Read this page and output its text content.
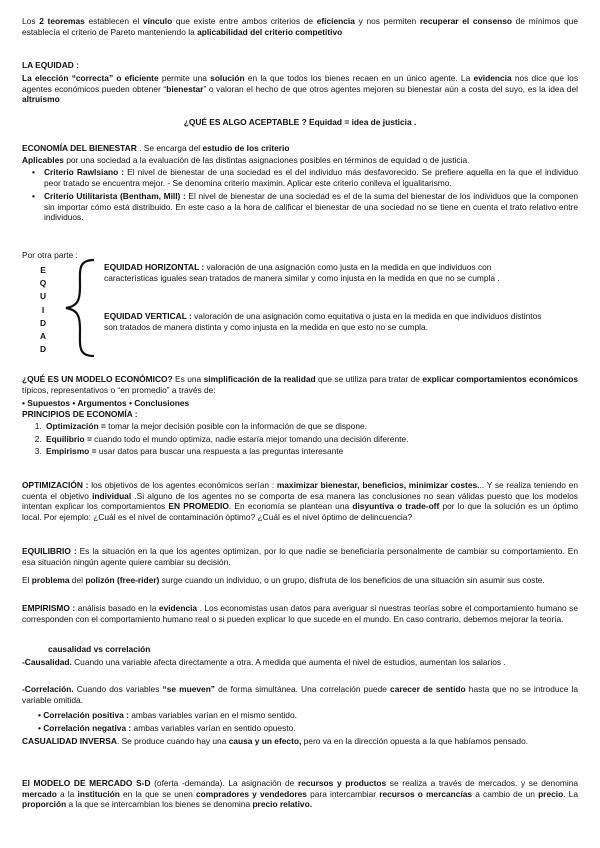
Los 2 teoremas establecen el vínculo que existe entre ambos criterios de eficiencia y nos permiten recuperar el consenso de mínimos que establecía el criterio de Pareto manteniendo la aplicabilidad del criterio competitivo

LA EQUIDAD :

La elección “correcta” o eficiente permite una solución en la que todos los bienes recaen en un único agente. La evidencia nos dice que los agentes económicos pueden obtener “bienestar” o valoran el hecho de que otros agentes mejoren su bienestar aún a costa del suyo, es la idea del altruismo

¿QUÉ ES ALGO ACEPTABLE ? Equidad = idea de justicia .

ECONOMÍA DEL BIENESTAR . Se encarga del estudio de los criterio

Aplicables por una sociedad a la evaluación de las distintas asignaciones posibles en términos de equidad o de justicia.

• Criterio Rawlsiano : El nivel de bienestar de una sociedad es el del individuo más desfavorecido. Se prefiere aquella en la que el individuo peor tratado se encuentra mejor. - Se denomina criterio maximin. Aplicar este criterio conlleva el igualitarismo.
• Criterio Utilitarista (Bentham, Mill) : El nivel de bienestar de una sociedad es el de la suma del bienestar de los individuos que la componen sin importar cómo está distribuido. En este caso a la hora de calificar el bienestar de una sociedad no se tiene en cuenta el trato relativo entre individuos.

Por otra parte :

E
Q
U
I
D
A
D

EQUIDAD HORIZONTAL : valoración de una asignación como justa en la medida en que individuos con características iguales sean tratados de manera similar y como injusta en la medida en que no se cumpla .

EQUIDAD VERTICAL : valoración de una asignación como equitativa o justa en la medida en que individuos distintos son tratados de manera distinta y como injusta en la medida en que esto no se cumpla.

¿QUÉ ES UN MODELO ECONÓMICO? Es una simplificación de la realidad que se utiliza para tratar de explicar comportamientos económicos típicos, representativos o “en promedio” a través de:

• Supuestos • Argumentos • Conclusiones

PRINCIPIOS DE ECONOMÍA :

1. Optimización = tomar la mejor decisión posible con la información de que se dispone.
2. Equilibrio = cuando todo el mundo optimiza, nadie estaría mejor tomando una decisión diferente.
3. Empirismo = usar datos para buscar una respuesta a las preguntas interesante

OPTIMIZACIÓN : los objetivos de los agentes económicos serían : maximizar bienestar, beneficios, minimizar costes... Y se realiza teniendo en cuenta el objetivo individual .Si alguno de los agentes no se comporta de esa manera las conclusiones no sean válidas puesto que los modelos intentan explicar los comportamientos EN PROMEDIO. En economía se plantean una disyuntiva o trade-off por lo que la solución es un óptimo local. Por ejemplo: ¿Cuál es el nivel de contaminación óptimo? ¿Cuál es el nivel óptimo de delincuencia?

EQUILIBRIO : Es la situación en la que los agentes optimizan, por lo que nadie se beneficiaría personalmente de cambiar su comportamiento. En esa situación ningún agente quiere cambiar su decisión.

El problema del polizón (free-rider) surge cuando un individuo, o un grupo, disfruta de los beneficios de una situación sin asumir sus coste.

EMPIRISMO : análisis basado en la evidencia . Los economistas usan datos para averiguar si nuestras teorías sobre el comportamiento humano se corresponden con el comportamiento humano real o si pueden explicar lo que sucede en el mundo. En caso contrario, debemos mejorar la teoría.

causalidad vs correlación

-Causalidad. Cuando una variable afecta directamente a otra. A medida que aumenta el nivel de estudios, aumentan los salarios .

-Correlación. Cuando dos variables “se mueven” de forma simultánea. Una correlación puede carecer de sentido hasta que no se introduce la variable omitida.

• Correlación positiva : ambas variables varían en el mismo sentido.

• Correlación negativa : ambas variables varían en sentido opuesto.

CASUALIDAD INVERSA. Se produce cuando hay una causa y un efecto, pero va en la dirección opuesta a la que habíamos pensado.

El MODELO DE MERCADO S-D (oferta -demanda). La asignación de recursos y productos se realiza a través de mercados. y se denomina mercado a la institución en la que se unen compradores y vendedores para intercambiar recursos o mercancías a cambio de un precio. La proporción a la que se intercambian los bienes se denomina precio relativo.
